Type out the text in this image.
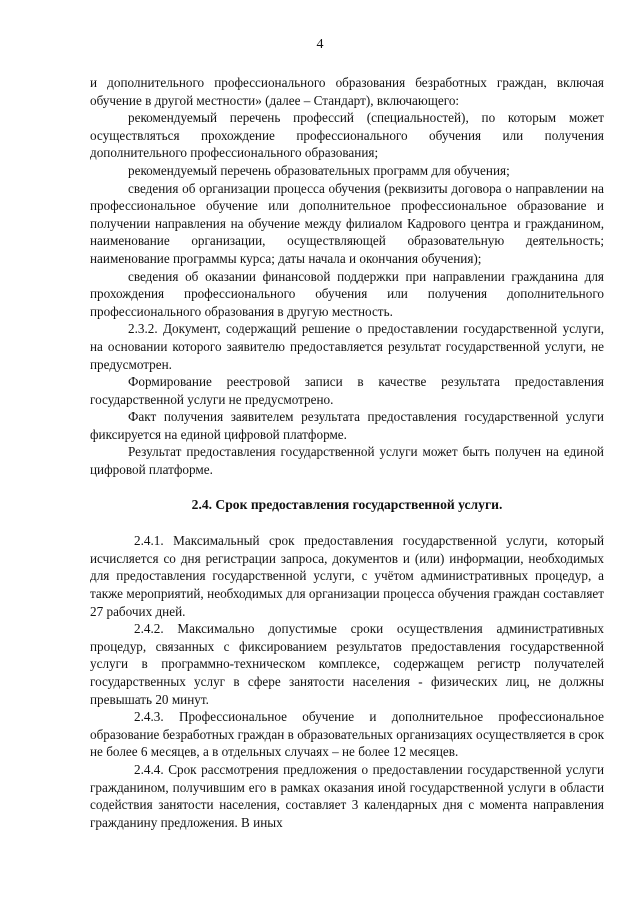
4

и дополнительного профессионального образования безработных граждан, включая обучение в другой местности» (далее – Стандарт), включающего:

рекомендуемый перечень профессий (специальностей), по которым может осуществляться прохождение профессионального обучения или получения дополнительного профессионального образования;

рекомендуемый перечень образовательных программ для обучения;

сведения об организации процесса обучения (реквизиты договора о направлении на профессиональное обучение или дополнительное профессиональное образование и получении направления на обучение между филиалом Кадрового центра и гражданином, наименование организации, осуществляющей образовательную деятельность; наименование программы курса; даты начала и окончания обучения);

сведения об оказании финансовой поддержки при направлении гражданина для прохождения профессионального обучения или получения дополнительного профессионального образования в другую местность.

2.3.2. Документ, содержащий решение о предоставлении государственной услуги, на основании которого заявителю предоставляется результат государственной услуги, не предусмотрен.

Формирование реестровой записи в качестве результата предоставления государственной услуги не предусмотрено.

Факт получения заявителем результата предоставления государственной услуги фиксируется на единой цифровой платформе.

Результат предоставления государственной услуги может быть получен на единой цифровой платформе.

2.4. Срок предоставления государственной услуги.

2.4.1. Максимальный срок предоставления государственной услуги, который исчисляется со дня регистрации запроса, документов и (или) информации, необходимых для предоставления государственной услуги, с учётом административных процедур, а также мероприятий, необходимых для организации процесса обучения граждан составляет 27 рабочих дней.

2.4.2. Максимально допустимые сроки осуществления административных процедур, связанных с фиксированием результатов предоставления государственной услуги в программно-техническом комплексе, содержащем регистр получателей государственных услуг в сфере занятости населения - физических лиц, не должны превышать 20 минут.

2.4.3. Профессиональное обучение и дополнительное профессиональное образование безработных граждан в образовательных организациях осуществляется в срок не более 6 месяцев, а в отдельных случаях – не более 12 месяцев.

2.4.4. Срок рассмотрения предложения о предоставлении государственной услуги гражданином, получившим его в рамках оказания иной государственной услуги в области содействия занятости населения, составляет 3 календарных дня с момента направления гражданину предложения. В иных
